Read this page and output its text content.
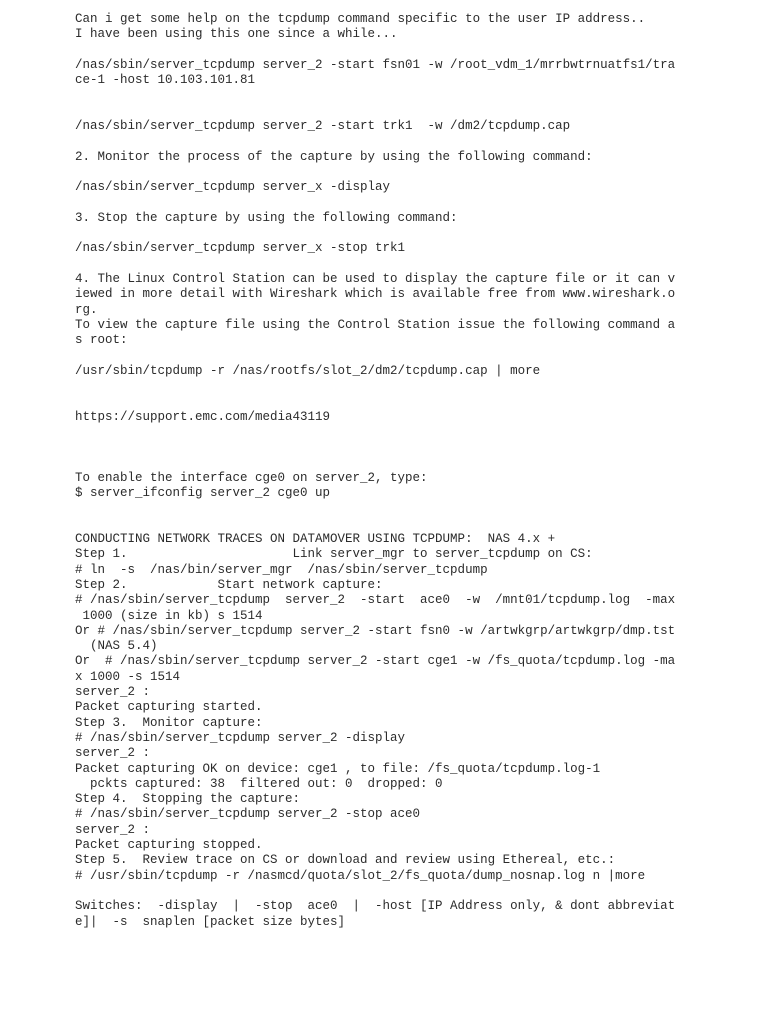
Can i get some help on the tcpdump command specific to the user IP address..
I have been using this one since a while...
/nas/sbin/server_tcpdump server_2 -start fsn01 -w /root_vdm_1/mrrbwtrnuatfs1/tra
ce-1 -host 10.103.101.81
/nas/sbin/server_tcpdump server_2 -start trk1  -w /dm2/tcpdump.cap
2. Monitor the process of the capture by using the following command:
/nas/sbin/server_tcpdump server_x -display
3. Stop the capture by using the following command:
/nas/sbin/server_tcpdump server_x -stop trk1
4. The Linux Control Station can be used to display the capture file or it can v
iewed in more detail with Wireshark which is available free from www.wireshark.o
rg.
To view the capture file using the Control Station issue the following command a
s root:
/usr/sbin/tcpdump -r /nas/rootfs/slot_2/dm2/tcpdump.cap | more
https://support.emc.com/media43119
To enable the interface cge0 on server_2, type:
$ server_ifconfig server_2 cge0 up
CONDUCTING NETWORK TRACES ON DATAMOVER USING TCPDUMP:  NAS 4.x +
Step 1.                      Link server_mgr to server_tcpdump on CS:
# ln  -s  /nas/bin/server_mgr  /nas/sbin/server_tcpdump
Step 2.            Start network capture:
# /nas/sbin/server_tcpdump  server_2  -start  ace0  -w  /mnt01/tcpdump.log  -max
1000 (size in kb) s 1514
Or # /nas/sbin/server_tcpdump server_2 -start fsn0 -w /artwkgrp/artwkgrp/dmp.tst
(NAS 5.4)
Or  # /nas/sbin/server_tcpdump server_2 -start cge1 -w /fs_quota/tcpdump.log -ma
x 1000 -s 1514
server_2 :
Packet capturing started.
Step 3.  Monitor capture:
# /nas/sbin/server_tcpdump server_2 -display
server_2 :
Packet capturing OK on device: cge1 , to file: /fs_quota/tcpdump.log-1
pckts captured: 38  filtered out: 0  dropped: 0
Step 4.  Stopping the capture:
# /nas/sbin/server_tcpdump server_2 -stop ace0
server_2 :
Packet capturing stopped.
Step 5.  Review trace on CS or download and review using Ethereal, etc.:
# /usr/sbin/tcpdump -r /nasmcd/quota/slot_2/fs_quota/dump_nosnap.log n |more
Switches:  -display  |  -stop  ace0  |  -host [IP Address only, & dont abbreviat
e]|  -s  snaplen [packet size bytes]
